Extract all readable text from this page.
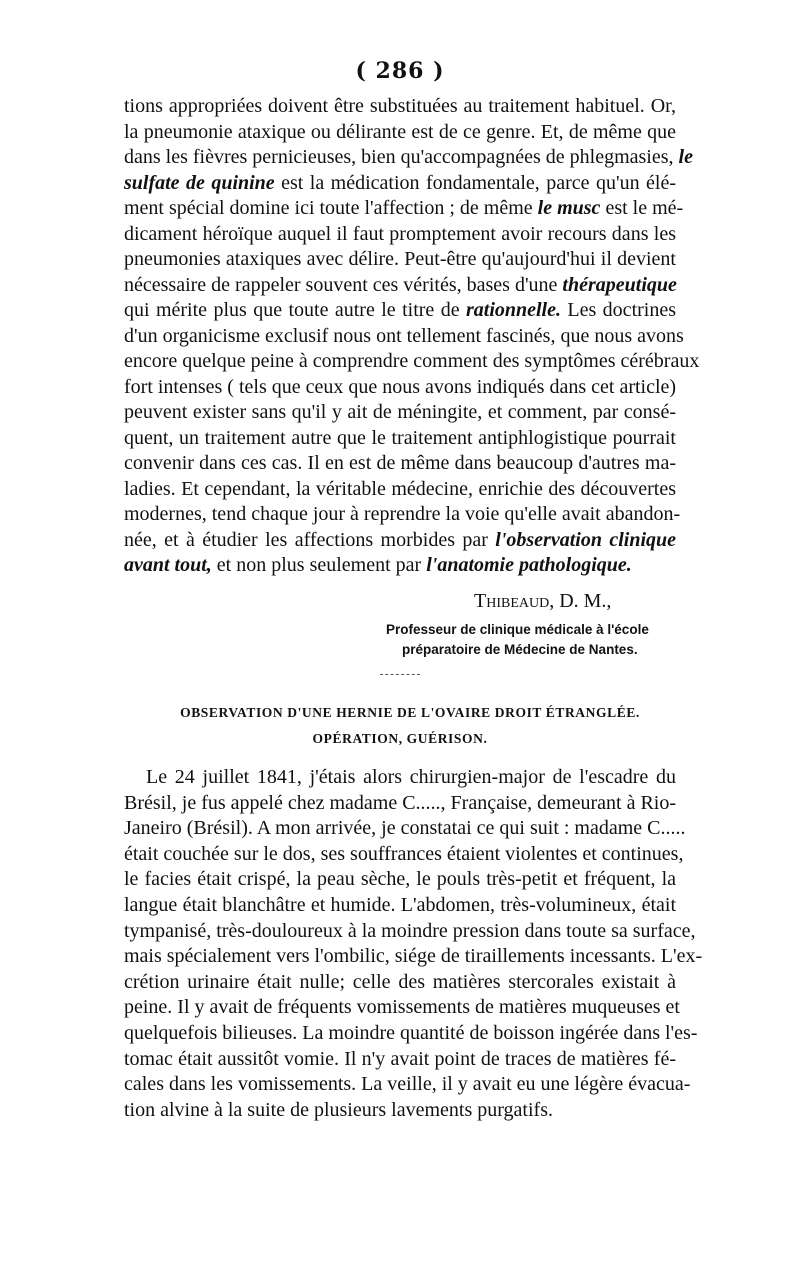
( 286 )
tions appropriées doivent être substituées au traitement habituel. Or,
la pneumonie ataxique ou délirante est de ce genre. Et, de même que
dans les fièvres pernicieuses, bien qu'accompagnées de phlegmasies, le
sulfate de quinine est la médication fondamentale, parce qu'un élé-
ment spécial domine ici toute l'affection ; de même le musc est le mé-
dicament héroïque auquel il faut promptement avoir recours dans les
pneumonies ataxiques avec délire. Peut-être qu'aujourd'hui il devient
nécessaire de rappeler souvent ces vérités, bases d'une thérapeutique
qui mérite plus que toute autre le titre de rationnelle. Les doctrines
d'un organicisme exclusif nous ont tellement fascinés, que nous avons
encore quelque peine à comprendre comment des symptômes cérébraux
fort intenses ( tels que ceux que nous avons indiqués dans cet article)
peuvent exister sans qu'il y ait de méningite, et comment, par consé-
quent, un traitement autre que le traitement antiphlogistique pourrait
convenir dans ces cas. Il en est de même dans beaucoup d'autres ma-
ladies. Et cependant, la véritable médecine, enrichie des découvertes
modernes, tend chaque jour à reprendre la voie qu'elle avait abandon-
née, et à étudier les affections morbides par l'observation clinique
avant tout, et non plus seulement par l'anatomie pathologique.
Thibeaud, D. M.,
Professeur de clinique médicale à l'école
préparatoire de Médecine de Nantes.
OBSERVATION D'UNE HERNIE DE L'OVAIRE DROIT ÉTRANGLÉE.
OPÉRATION, GUÉRISON.
Le 24 juillet 1841, j'étais alors chirurgien-major de l'escadre du
Brésil, je fus appelé chez madame C....., Française, demeurant à Rio-
Janeiro (Brésil). A mon arrivée, je constatai ce qui suit : madame C.....
était couchée sur le dos, ses souffrances étaient violentes et continues,
le facies était crispé, la peau sèche, le pouls très-petit et fréquent, la
langue était blanchâtre et humide. L'abdomen, très-volumineux, était
tympanisé, très-douloureux à la moindre pression dans toute sa surface,
mais spécialement vers l'ombilic, siége de tiraillements incessants. L'ex-
crétion urinaire était nulle; celle des matières stercorales existait à
peine. Il y avait de fréquents vomissements de matières muqueuses et
quelquefois bilieuses. La moindre quantité de boisson ingérée dans l'es-
tomac était aussitôt vomie. Il n'y avait point de traces de matières fé-
cales dans les vomissements. La veille, il y avait eu une légère évacua-
tion alvine à la suite de plusieurs lavements purgatifs.
